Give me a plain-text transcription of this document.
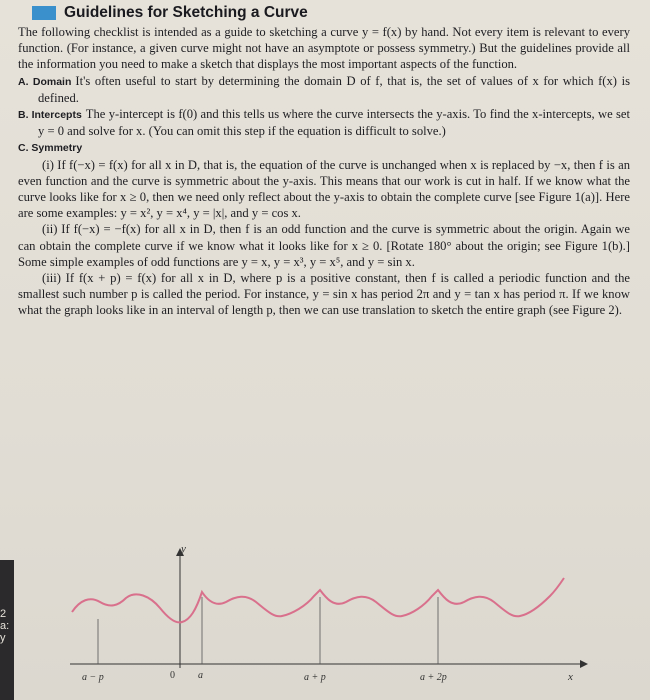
Guidelines for Sketching a Curve

The following checklist is intended as a guide to sketching a curve y = f(x) by hand. Not every item is relevant to every function. (For instance, a given curve might not have an asymptote or possess symmetry.) But the guidelines provide all the information you need to make a sketch that displays the most important aspects of the function.

A. Domain It's often useful to start by determining the domain D of f, that is, the set of values of x for which f(x) is defined.

B. Intercepts The y-intercept is f(0) and this tells us where the curve intersects the y-axis. To find the x-intercepts, we set y = 0 and solve for x. (You can omit this step if the equation is difficult to solve.)

C. Symmetry

(i) If f(−x) = f(x) for all x in D, that is, the equation of the curve is unchanged when x is replaced by −x, then f is an even function and the curve is symmetric about the y-axis. This means that our work is cut in half. If we know what the curve looks like for x ≥ 0, then we need only reflect about the y-axis to obtain the complete curve [see Figure 1(a)]. Here are some examples: y = x², y = x⁴, y = |x|, and y = cos x.

(ii) If f(−x) = −f(x) for all x in D, then f is an odd function and the curve is symmetric about the origin. Again we can obtain the complete curve if we know what it looks like for x ≥ 0. [Rotate 180° about the origin; see Figure 1(b).] Some simple examples of odd functions are y = x, y = x³, y = x⁵, and y = sin x.

(iii) If f(x + p) = f(x) for all x in D, where p is a positive constant, then f is called a periodic function and the smallest such number p is called the period. For instance, y = sin x has period 2π and y = tan x has period π. If we know what the graph looks like in an interval of length p, then we can use translation to sketch the entire graph (see Figure 2).

y
x
a − p	0 a	a + p	a + 2p
2
a:
y
